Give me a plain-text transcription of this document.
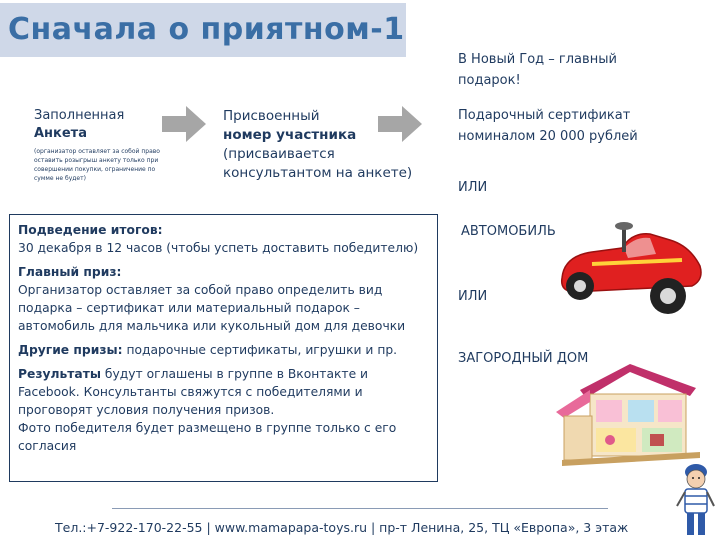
Сначала о приятном-1
Заполненная
Анкета
(организатор оставляет за собой право оставить розыгрыш анкету только при совершении покупки, ограничение по сумме не будет)
Присвоенный
номер участника
(присваивается
консультантом на анкете)

В Новый Год – главный

подарок!

Подарочный сертификат

номиналом 20 000 рублей

ИЛИ
АВТОМОБИЛЬ
ИЛИ
ЗАГОРОДНЫЙ ДОМ

Подведение итогов:
30 декабря в 12 часов (чтобы успеть доставить победителю)

Главный приз:
Организатор оставляет за собой право определить вид подарка – сертификат или материальный подарок – автомобиль для мальчика или кукольный дом для девочки

Другие призы: подарочные сертификаты, игрушки и пр.

Результаты будут оглашены в группе в Вконтакте и Facebook. Консультанты свяжутся с победителями и проговорят условия получения призов.
Фото победителя будет размещено в группе только с его согласия

Тел.:+7-922-170-22-55 | www.mamapapa-toys.ru | пр-т Ленина, 25, ТЦ «Европа», 3 этаж
